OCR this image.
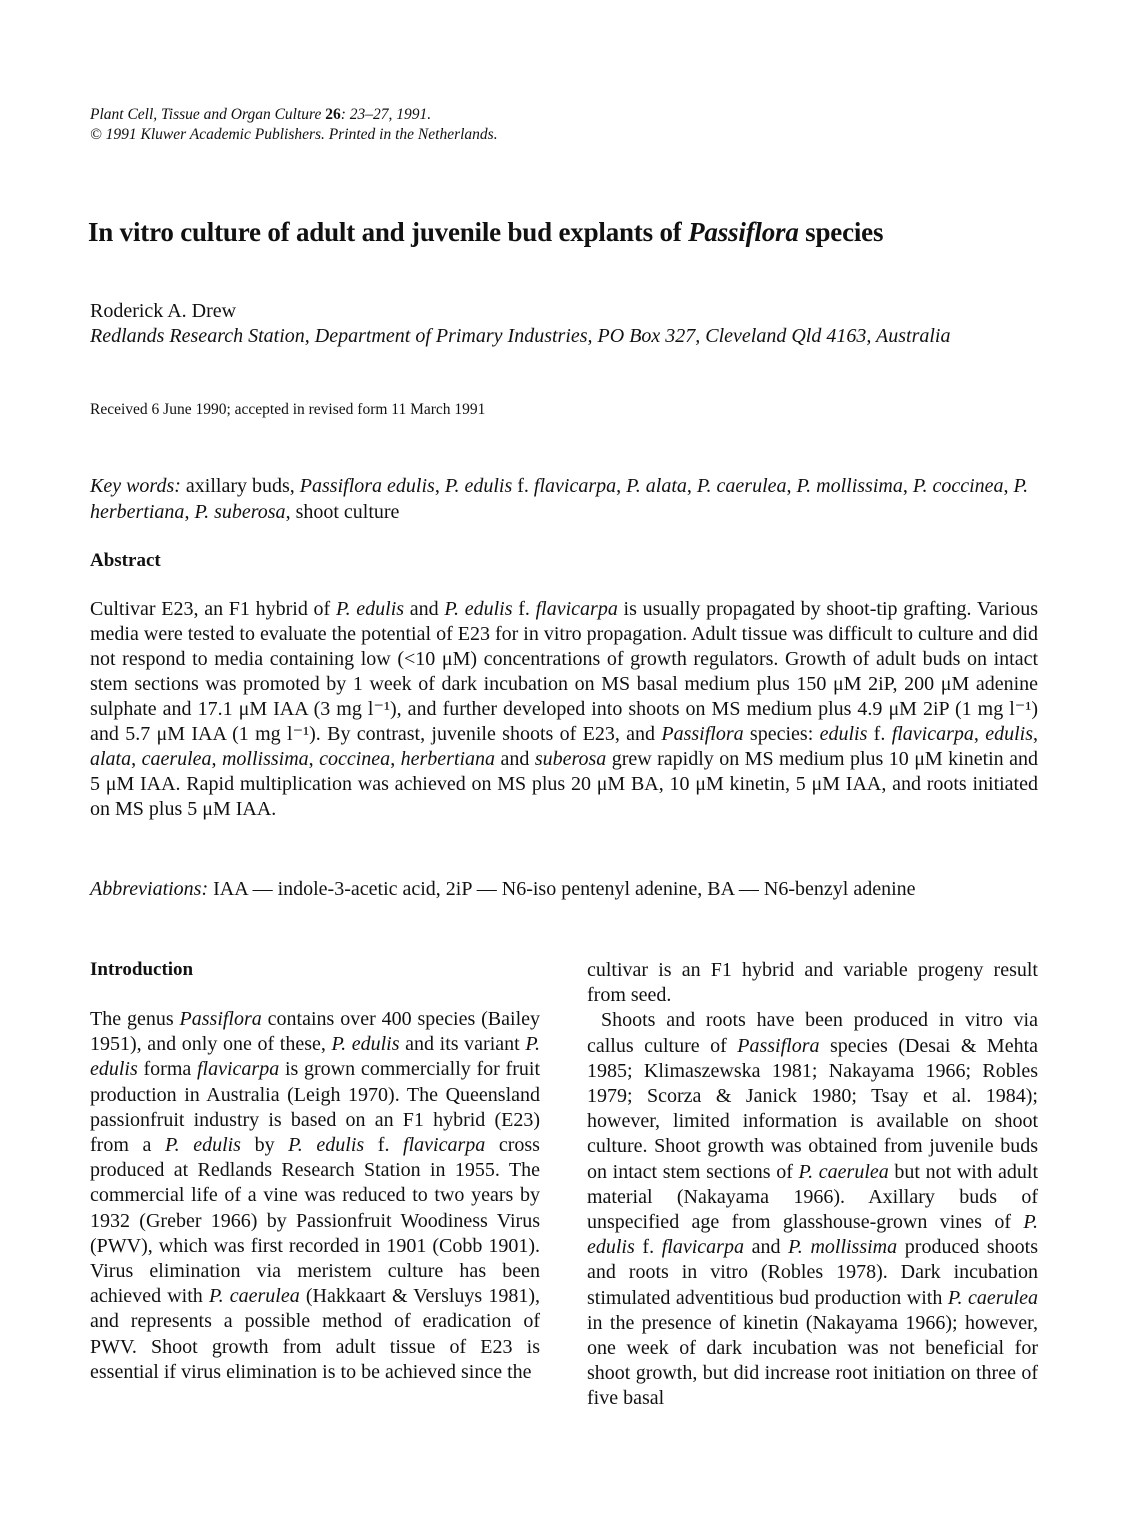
Plant Cell, Tissue and Organ Culture 26: 23–27, 1991.
© 1991 Kluwer Academic Publishers. Printed in the Netherlands.
In vitro culture of adult and juvenile bud explants of Passiflora species
Roderick A. Drew
Redlands Research Station, Department of Primary Industries, PO Box 327, Cleveland Qld 4163, Australia
Received 6 June 1990; accepted in revised form 11 March 1991
Key words: axillary buds, Passiflora edulis, P. edulis f. flavicarpa, P. alata, P. caerulea, P. mollissima, P. coccinea, P. herbertiana, P. suberosa, shoot culture
Abstract
Cultivar E23, an F1 hybrid of P. edulis and P. edulis f. flavicarpa is usually propagated by shoot-tip grafting. Various media were tested to evaluate the potential of E23 for in vitro propagation. Adult tissue was difficult to culture and did not respond to media containing low (<10 μM) concentrations of growth regulators. Growth of adult buds on intact stem sections was promoted by 1 week of dark incubation on MS basal medium plus 150 μM 2iP, 200 μM adenine sulphate and 17.1 μM IAA (3 mg l⁻¹), and further developed into shoots on MS medium plus 4.9 μM 2iP (1 mg l⁻¹) and 5.7 μM IAA (1 mg l⁻¹). By contrast, juvenile shoots of E23, and Passiflora species: edulis f. flavicarpa, edulis, alata, caerulea, mollissima, coccinea, herbertiana and suberosa grew rapidly on MS medium plus 10 μM kinetin and 5 μM IAA. Rapid multiplication was achieved on MS plus 20 μM BA, 10 μM kinetin, 5 μM IAA, and roots initiated on MS plus 5 μM IAA.
Abbreviations: IAA — indole-3-acetic acid, 2iP — N6-iso pentenyl adenine, BA — N6-benzyl adenine
Introduction
The genus Passiflora contains over 400 species (Bailey 1951), and only one of these, P. edulis and its variant P. edulis forma flavicarpa is grown commercially for fruit production in Australia (Leigh 1970). The Queensland passionfruit industry is based on an F1 hybrid (E23) from a P. edulis by P. edulis f. flavicarpa cross produced at Redlands Research Station in 1955. The commercial life of a vine was reduced to two years by 1932 (Greber 1966) by Passionfruit Woodiness Virus (PWV), which was first recorded in 1901 (Cobb 1901). Virus elimination via meristem culture has been achieved with P. caerulea (Hakkaart & Versluys 1981), and represents a possible method of eradication of PWV. Shoot growth from adult tissue of E23 is essential if virus elimination is to be achieved since the

cultivar is an F1 hybrid and variable progeny result from seed.

Shoots and roots have been produced in vitro via callus culture of Passiflora species (Desai & Mehta 1985; Klimaszewska 1981; Nakayama 1966; Robles 1979; Scorza & Janick 1980; Tsay et al. 1984); however, limited information is available on shoot culture. Shoot growth was obtained from juvenile buds on intact stem sections of P. caerulea but not with adult material (Nakayama 1966). Axillary buds of unspecified age from glasshouse-grown vines of P. edulis f. flavicarpa and P. mollissima produced shoots and roots in vitro (Robles 1978). Dark incubation stimulated adventitious bud production with P. caerulea in the presence of kinetin (Nakayama 1966); however, one week of dark incubation was not beneficial for shoot growth, but did increase root initiation on three of five basal
